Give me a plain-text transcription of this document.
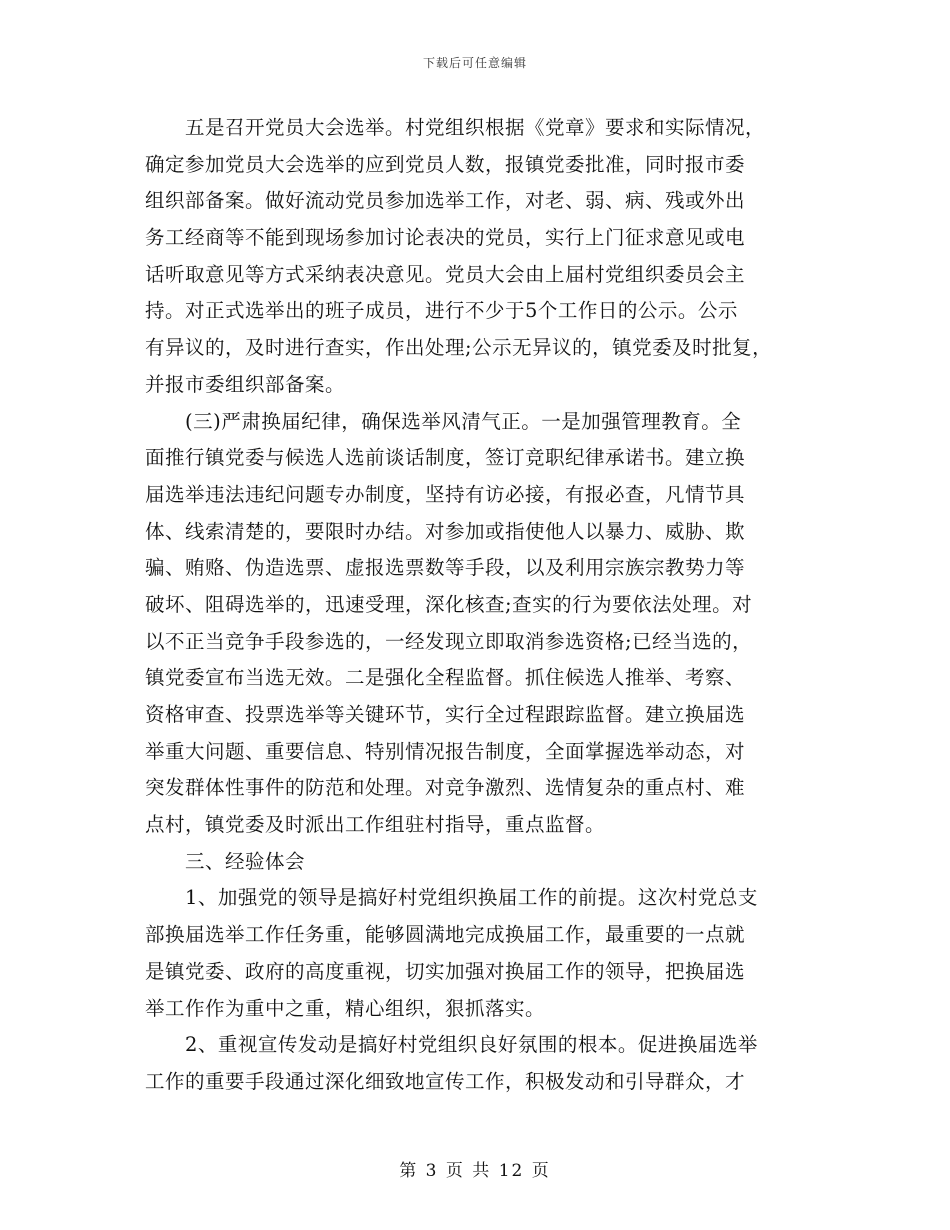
下载后可任意编辑
五是召开党员大会选举。村党组织根据《党章》要求和实际情况，
确定参加党员大会选举的应到党员人数，报镇党委批准，同时报市委
组织部备案。做好流动党员参加选举工作，对老、弱、病、残或外出
务工经商等不能到现场参加讨论表决的党员，实行上门征求意见或电
话听取意见等方式采纳表决意见。党员大会由上届村党组织委员会主
持。对正式选举出的班子成员，进行不少于5个工作日的公示。公示
有异议的，及时进行查实，作出处理;公示无异议的，镇党委及时批复，
并报市委组织部备案。
(三)严肃换届纪律，确保选举风清气正。一是加强管理教育。全
面推行镇党委与候选人选前谈话制度，签订竞职纪律承诺书。建立换
届选举违法违纪问题专办制度，坚持有访必接，有报必查，凡情节具
体、线索清楚的，要限时办结。对参加或指使他人以暴力、威胁、欺
骗、贿赂、伪造选票、虚报选票数等手段，以及利用宗族宗教势力等
破坏、阻碍选举的，迅速受理，深化核查;查实的行为要依法处理。对
以不正当竞争手段参选的，一经发现立即取消参选资格;已经当选的，
镇党委宣布当选无效。二是强化全程监督。抓住候选人推举、考察、
资格审查、投票选举等关键环节，实行全过程跟踪监督。建立换届选
举重大问题、重要信息、特别情况报告制度，全面掌握选举动态，对
突发群体性事件的防范和处理。对竞争激烈、选情复杂的重点村、难
点村，镇党委及时派出工作组驻村指导，重点监督。
三、经验体会
1、加强党的领导是搞好村党组织换届工作的前提。这次村党总支
部换届选举工作任务重，能够圆满地完成换届工作，最重要的一点就
是镇党委、政府的高度重视，切实加强对换届工作的领导，把换届选
举工作作为重中之重，精心组织，狠抓落实。
2、重视宣传发动是搞好村党组织良好氛围的根本。促进换届选举
工作的重要手段通过深化细致地宣传工作，积极发动和引导群众，才
第 3 页 共 12 页
